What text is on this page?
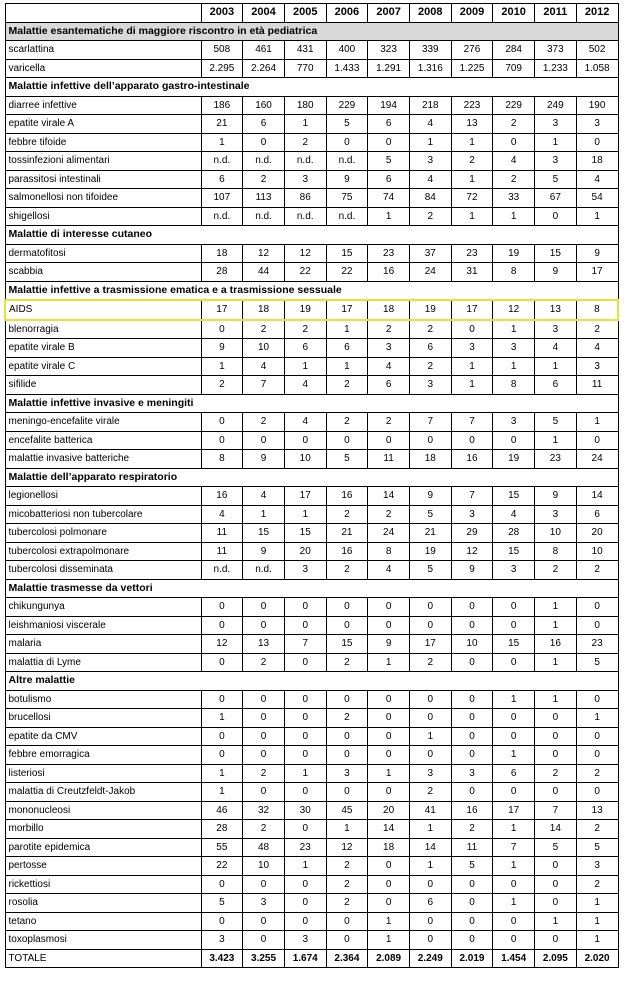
	2003	2004	2005	2006	2007	2008	2009	2010	2011	2012
Malattie esantematiche di maggiore riscontro in età pediatrica										
scarlattina	508	461	431	400	323	339	276	284	373	502
varicella	2.295	2.264	770	1.433	1.291	1.316	1.225	709	1.233	1.058
Malattie infettive dell’apparato gastro-intestinale										
diarree infettive	186	160	180	229	194	218	223	229	249	190
epatite virale A	21	6	1	5	6	4	13	2	3	3
febbre tifoide	1	0	2	0	0	1	1	0	1	0
tossinfezioni alimentari	n.d.	n.d.	n.d.	n.d.	5	3	2	4	3	18
parassitosi intestinali	6	2	3	9	6	4	1	2	5	4
salmonellosi non tifoidee	107	113	86	75	74	84	72	33	67	54
shigellosi	n.d.	n.d.	n.d.	n.d.	1	2	1	1	0	1
Malattie di interesse cutaneo										
dermatofitosi	18	12	12	15	23	37	23	19	15	9
scabbia	28	44	22	22	16	24	31	8	9	17
Malattie infettive a trasmissione ematica e a trasmissione sessuale										
AIDS	17	18	19	17	18	19	17	12	13	8
blenorragia	0	2	2	1	2	2	0	1	3	2
epatite virale B	9	10	6	6	3	6	3	3	4	4
epatite virale C	1	4	1	1	4	2	1	1	1	3
sifilide	2	7	4	2	6	3	1	8	6	11
Malattie infettive invasive e meningiti										
meningo-encefalite virale	0	2	4	2	2	7	7	3	5	1
encefalite batterica	0	0	0	0	0	0	0	0	1	0
malattie invasive batteriche	8	9	10	5	11	18	16	19	23	24
Malattie dell’apparato respiratorio										
legionellosi	16	4	17	16	14	9	7	15	9	14
micobatteriosi non tubercolare	4	1	1	2	2	5	3	4	3	6
tubercolosi polmonare	11	15	15	21	24	21	29	28	10	20
tubercolosi extrapolmonare	11	9	20	16	8	19	12	15	8	10
tubercolosi disseminata	n.d.	n.d.	3	2	4	5	9	3	2	2
Malattie trasmesse da vettori										
chikungunya	0	0	0	0	0	0	0	0	1	0
leishmaniosi viscerale	0	0	0	0	0	0	0	0	1	0
malaria	12	13	7	15	9	17	10	15	16	23
malattia di Lyme	0	2	0	2	1	2	0	0	1	5
Altre malattie										
botulismo	0	0	0	0	0	0	0	1	1	0
brucellosi	1	0	0	2	0	0	0	0	0	1
epatite da CMV	0	0	0	0	0	1	0	0	0	0
febbre emorragica	0	0	0	0	0	0	0	1	0	0
listeriosi	1	2	1	3	1	3	3	6	2	2
malattia di Creutzfeldt-Jakob	1	0	0	0	0	2	0	0	0	0
mononucleosi	46	32	30	45	20	41	16	17	7	13
morbillo	28	2	0	1	14	1	2	1	14	2
parotite epidemica	55	48	23	12	18	14	11	7	5	5
pertosse	22	10	1	2	0	1	5	1	0	3
rickettiosi	0	0	0	2	0	0	0	0	0	2
rosolia	5	3	0	2	0	6	0	1	0	1
tetano	0	0	0	0	1	0	0	0	1	1
toxoplasmosi	3	0	3	0	1	0	0	0	0	1
TOTALE	3.423	3.255	1.674	2.364	2.089	2.249	2.019	1.454	2.095	2.020
